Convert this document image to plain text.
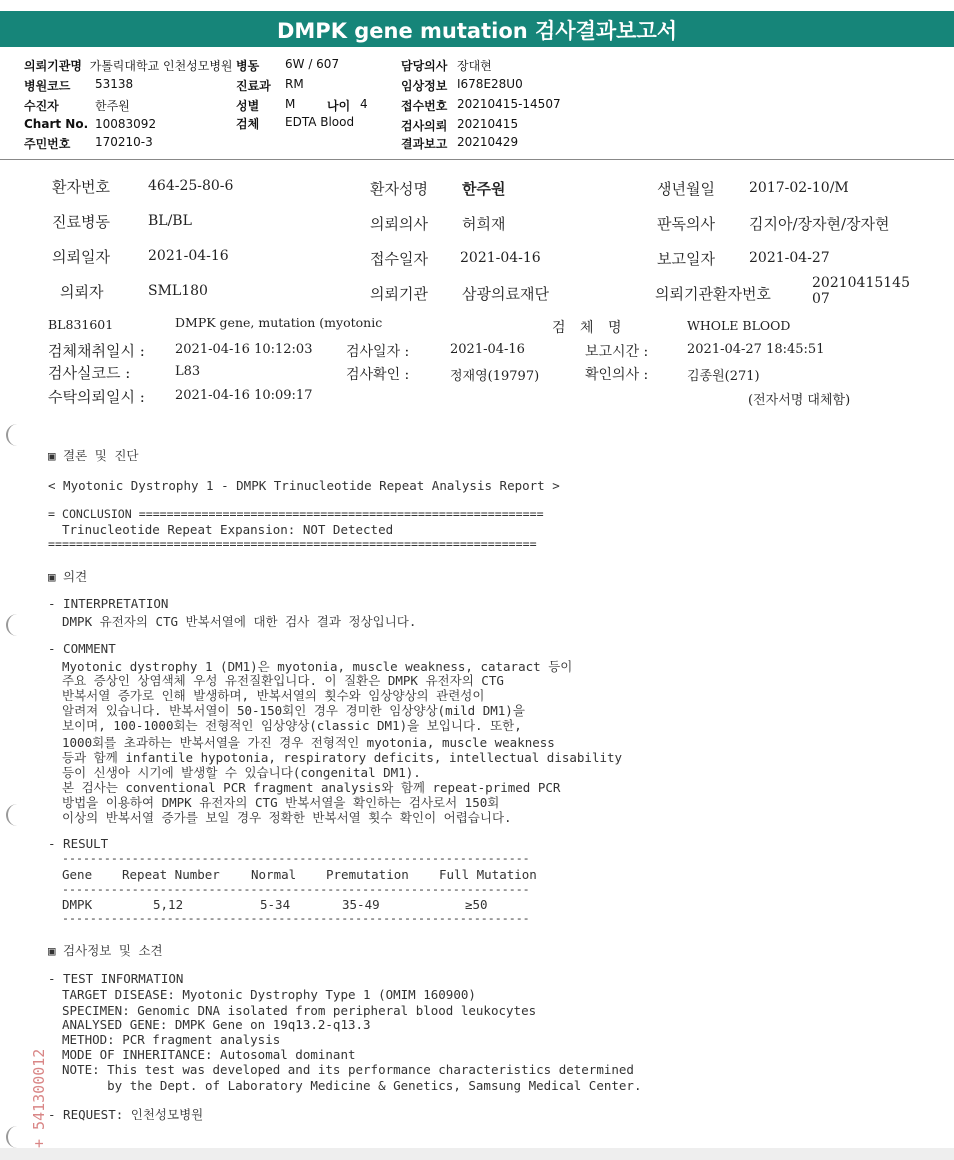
DMPK gene mutation 검사결과보고서
의뢰기관명 가톨릭대학교 인천성모병원
병원코드 53138
수진자	한주원
Chart No. 10083092
주민번호 170210-3
병동 6W / 607
진료과 RM
성별 M	나이 4
검체 EDTA Blood
담당의사 장대현
임상정보 I678E28U0
접수번호 20210415-14507
검사의뢰 20210415
결과보고 20210429
환자번호	464-25-80-6	환자성명 한주원	생년월일 2017-02-10/M
진료병동	BL/BL	의뢰의사 허희재	판독의사 김지아/장자현/장자현
의뢰일자	2021-04-16	접수일자 2021-04-16	보고일자 2021-04-27
의뢰자	SML180	의뢰기관 삼광의료재단	의뢰기관환자번호
2021041514507
BL831601	DMPK gene, mutation (myotonic	검 체 명	WHOLE BLOOD
검체채취일시 : 2021-04-16 10:12:03 검사일자 :	2021-04-16	보고시간 :	2021-04-27 18:45:51
검사실코드 :	L83	검사확인 :	정재영(19797)	확인의사 :	김종원(271)
수탁의뢰일시 : 2021-04-16 10:09:17	(전자서명 대체함)
▣ 결론 및 진단
< Myotonic Dystrophy 1 - DMPK Trinucleotide Repeat Analysis Report >
= CONCLUSION ==========================================================
Trinucleotide Repeat Expansion: NOT Detected
======================================================================
▣ 의견
- INTERPRETATION
DMPK 유전자의 CTG 반복서열에 대한 검사 결과 정상입니다.
- COMMENT
Myotonic dystrophy 1 (DM1)은 myotonia, muscle weakness, cataract 등이
주요 증상인 상염색체 우성 유전질환입니다. 이 질환은 DMPK 유전자의 CTG
반복서열 증가로 인해 발생하며, 반복서열의 횟수와 임상양상의 관련성이
알려져 있습니다. 반복서열이 50-150회인 경우 경미한 임상양상(mild DM1)을
보이며, 100-1000회는 전형적인 임상양상(classic DM1)을 보입니다. 또한,
1000회를 초과하는 반복서열을 가진 경우 전형적인 myotonia, muscle weakness
등과 함께 infantile hypotonia, respiratory deficits, intellectual disability
등이 신생아 시기에 발생할 수 있습니다(congenital DM1).
본 검사는 conventional PCR fragment analysis와 함께 repeat-primed PCR
방법을 이용하여 DMPK 유전자의 CTG 반복서열을 확인하는 검사로서 150회
이상의 반복서열 증가를 보일 경우 정확한 반복서열 횟수 확인이 어렵습니다.
- RESULT
-------------------------------------------------------------------
Gene Repeat Number Normal Premutation Full Mutation
-------------------------------------------------------------------
DMPK	5,12	5-34	35-49	≥50
-------------------------------------------------------------------
▣ 검사정보 및 소견
- TEST INFORMATION
TARGET DISEASE: Myotonic Dystrophy Type 1 (OMIM 160900)
SPECIMEN: Genomic DNA isolated from peripheral blood leukocytes
ANALYSED GENE: DMPK Gene on 19q13.2-q13.3
METHOD: PCR fragment analysis
MODE OF INHERITANCE: Autosomal dominant
NOTE: This test was developed and its performance characteristics determined
by the Dept. of Laboratory Medicine & Genetics, Samsung Medical Center.
- REQUEST: 인천성모병원
+ 541300012
